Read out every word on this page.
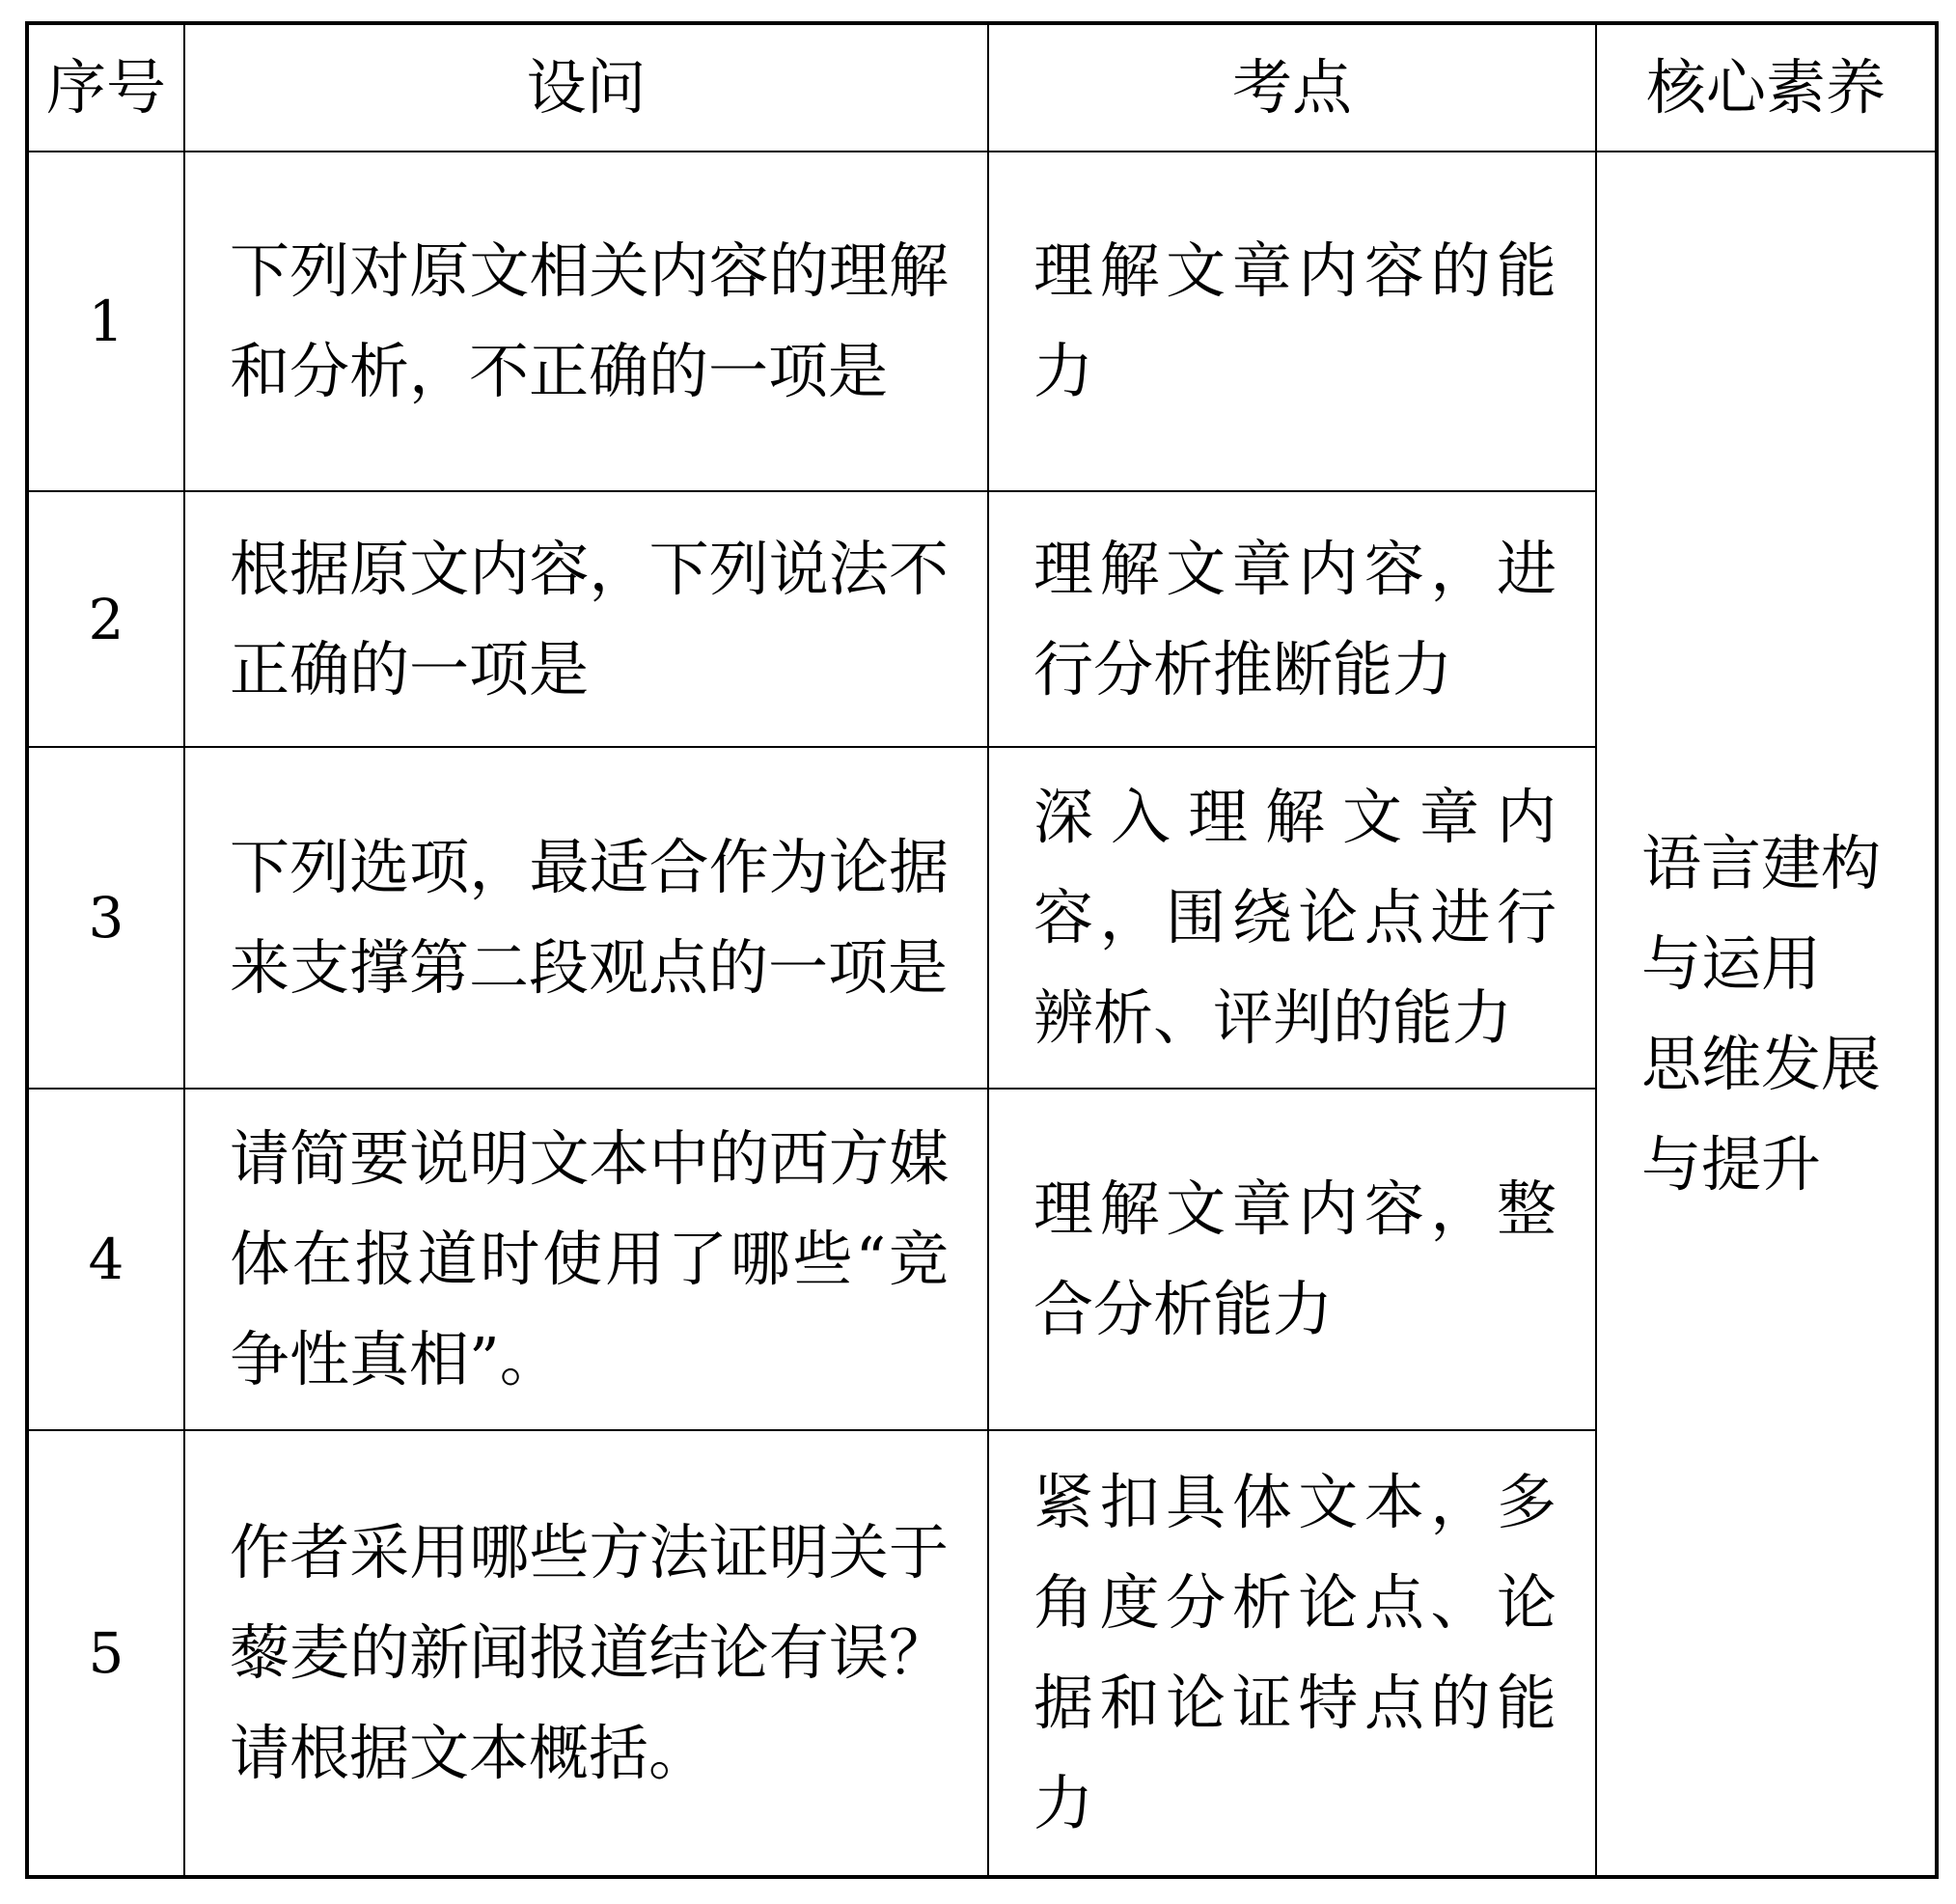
序号	设问	考点	核心素养
1	下列对原文相关内容的理解和分析，不正确的一项是	理解文章内容的能力	语言建构
与运用
思维发展
与提升

2	根据原文内容，下列说法不正确的一项是	理解文章内容，进行分析推断能力	

3	下列选项，最适合作为论据来支撑第二段观点的一项是	深入理解文章内容，围绕论点进行辨析、评判的能力	

4	请简要说明文本中的西方媒体在报道时使用了哪些“竞争性真相”。	理解文章内容，整合分析能力	

5	作者采用哪些方法证明关于藜麦的新闻报道结论有误？请根据文本概括。	紧扣具体文本，多角度分析论点、论据和论证特点的能力	
